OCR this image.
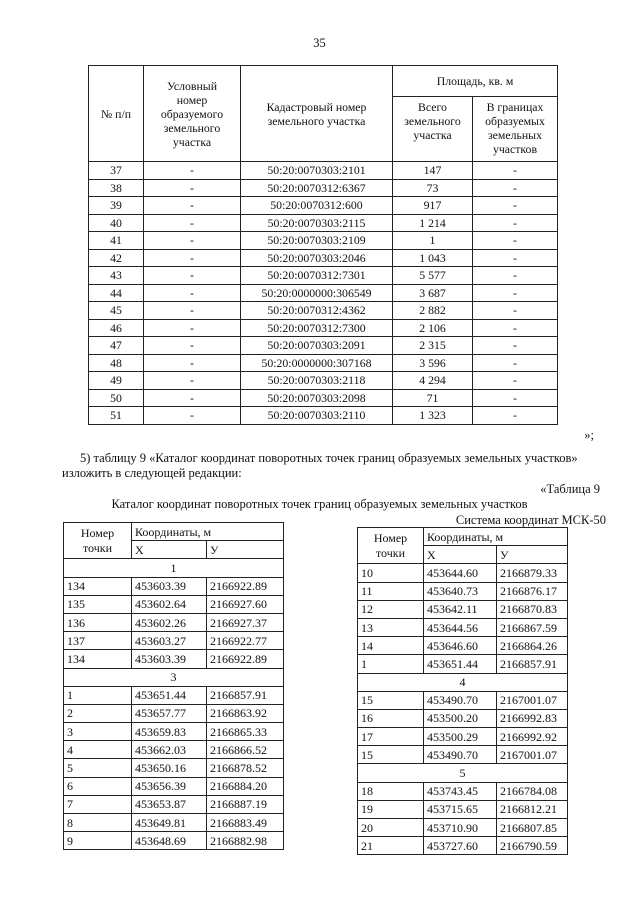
35
№ п/п	Условный номер образуемого земельного участка	Кадастровый номер земельного участка	Площадь, кв. м	
			Всего земельного участка	В границах образуемых земельных участков
37	-	50:20:0070303:2101	147	-
38	-	50:20:0070312:6367	73	-
39	-	50:20:0070312:600	917	-
40	-	50:20:0070303:2115	1 214	-
41	-	50:20:0070303:2109	1	-
42	-	50:20:0070303:2046	1 043	-
43	-	50:20:0070312:7301	5 577	-
44	-	50:20:0000000:306549	3 687	-
45	-	50:20:0070312:4362	2 882	-
46	-	50:20:0070312:7300	2 106	-
47	-	50:20:0070303:2091	2 315	-
48	-	50:20:0000000:307168	3 596	-
49	-	50:20:0070303:2118	4 294	-
50	-	50:20:0070303:2098	71	-
51	-	50:20:0070303:2110	1 323	-
»;
5) таблицу 9 «Каталог координат поворотных точек границ образуемых земельных участков» изложить в следующей редакции:
«Таблица 9
Каталог координат поворотных точек границ образуемых земельных участков
Система координат МСК-50
Номер точки	Координаты, м	
	X	У
1		
134	453603.39	2166922.89
135	453602.64	2166927.60
136	453602.26	2166927.37
137	453603.27	2166922.77
134	453603.39	2166922.89
3		
1	453651.44	2166857.91
2	453657.77	2166863.92
3	453659.83	2166865.33
4	453662.03	2166866.52
5	453650.16	2166878.52
6	453656.39	2166884.20
7	453653.87	2166887.19
8	453649.81	2166883.49
9	453648.69	2166882.98
Номер точки	Координаты, м	
	X	У
10	453644.60	2166879.33
11	453640.73	2166876.17
12	453642.11	2166870.83
13	453644.56	2166867.59
14	453646.60	2166864.26
1	453651.44	2166857.91
4		
15	453490.70	2167001.07
16	453500.20	2166992.83
17	453500.29	2166992.92
15	453490.70	2167001.07
5		
18	453743.45	2166784.08
19	453715.65	2166812.21
20	453710.90	2166807.85
21	453727.60	2166790.59
